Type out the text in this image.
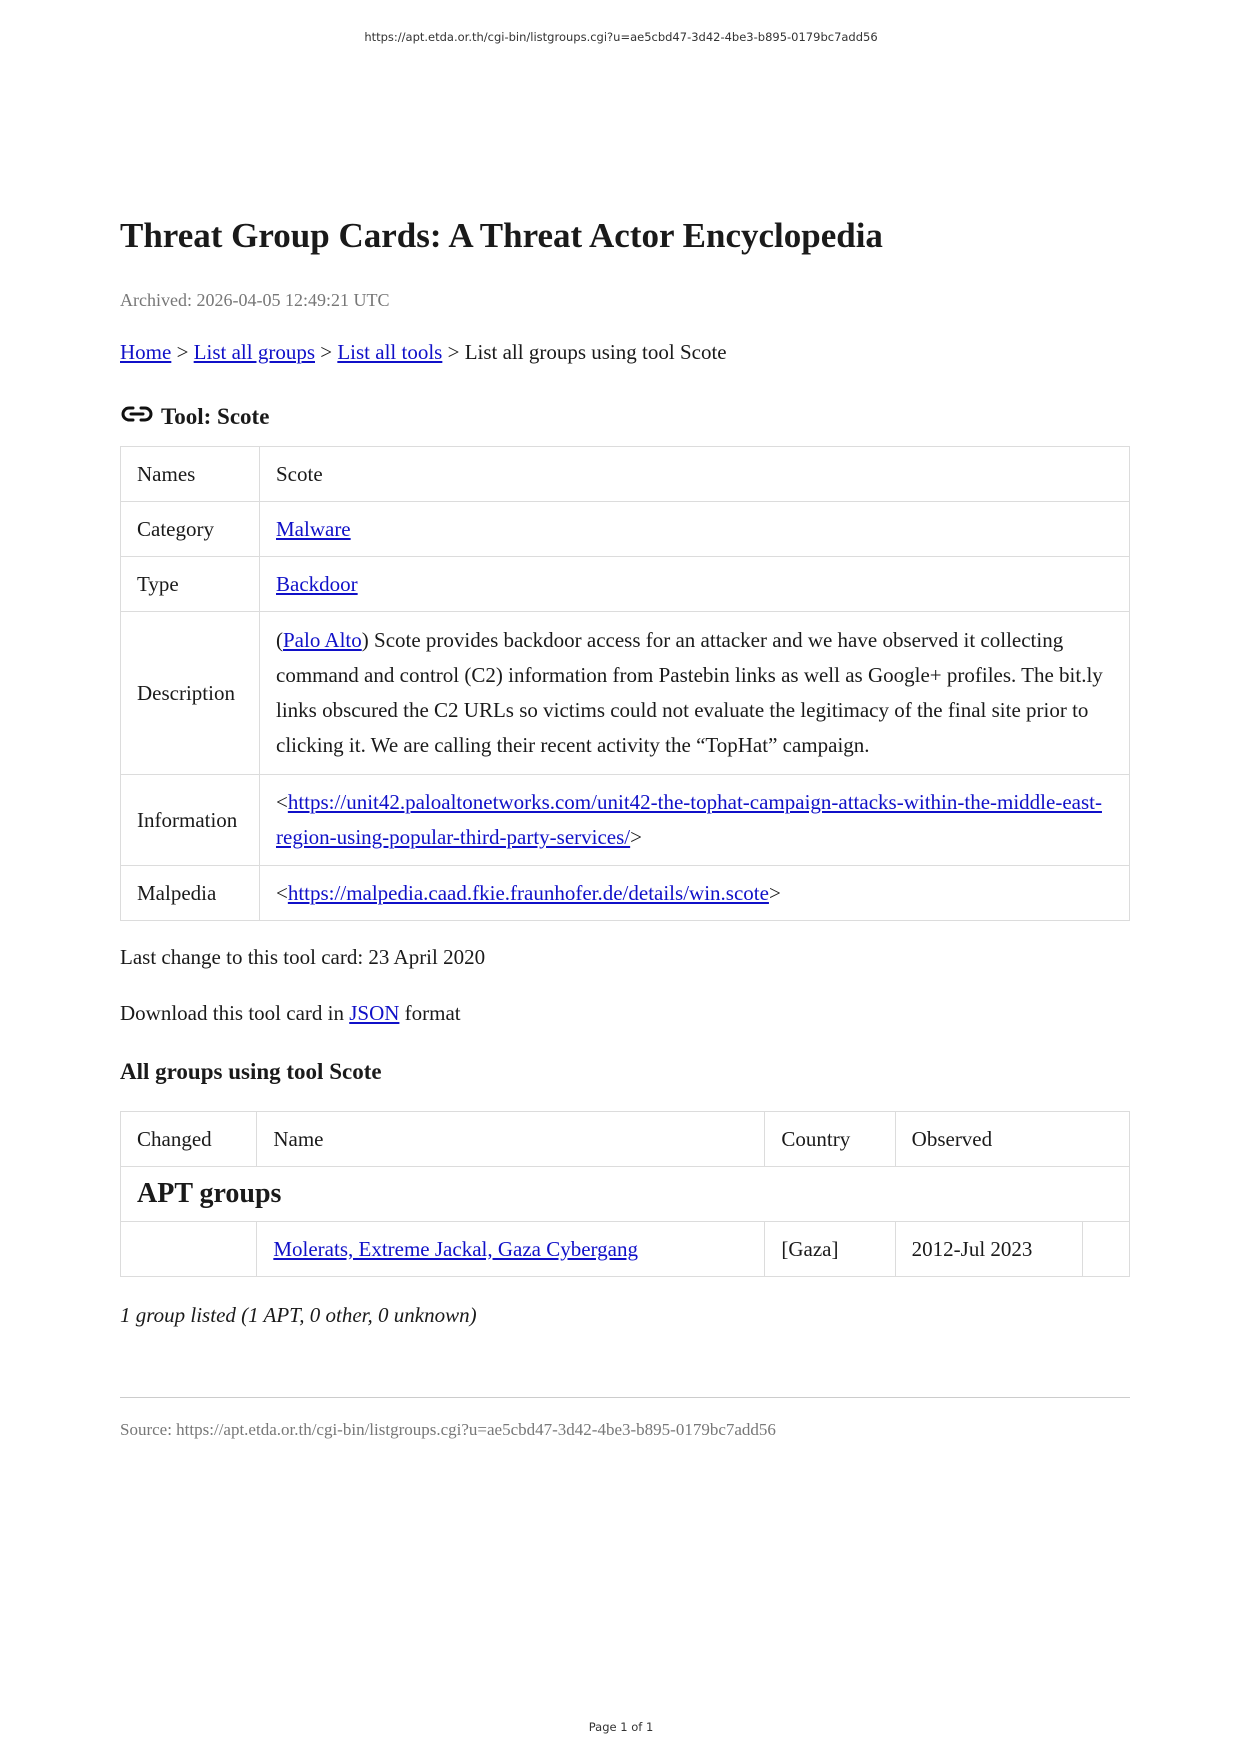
https://apt.etda.or.th/cgi-bin/listgroups.cgi?u=ae5cbd47-3d42-4be3-b895-0179bc7add56
Threat Group Cards: A Threat Actor Encyclopedia
Archived: 2026-04-05 12:49:21 UTC
Home > List all groups > List all tools > List all groups using tool Scote
Tool: Scote
Names	Scote
Category	Malware
Type	Backdoor
Description	(Palo Alto) Scote provides backdoor access for an attacker and we have observed it collecting command and control (C2) information from Pastebin links as well as Google+ profiles. The bit.ly links obscured the C2 URLs so victims could not evaluate the legitimacy of the final site prior to clicking it. We are calling their recent activity the “TopHat” campaign.
Information	<https://unit42.paloaltonetworks.com/unit42-the-tophat-campaign-attacks-within-the-middle-east-region-using-popular-third-party-services/>
Malpedia	<https://malpedia.caad.fkie.fraunhofer.de/details/win.scote>
Last change to this tool card: 23 April 2020
Download this tool card in JSON format
All groups using tool Scote
Changed	Name	Country	Observed	
APT groups				
	Molerats, Extreme Jackal, Gaza Cybergang	[Gaza]	2012-Jul 2023	
1 group listed (1 APT, 0 other, 0 unknown)
Source: https://apt.etda.or.th/cgi-bin/listgroups.cgi?u=ae5cbd47-3d42-4be3-b895-0179bc7add56
Page 1 of 1
